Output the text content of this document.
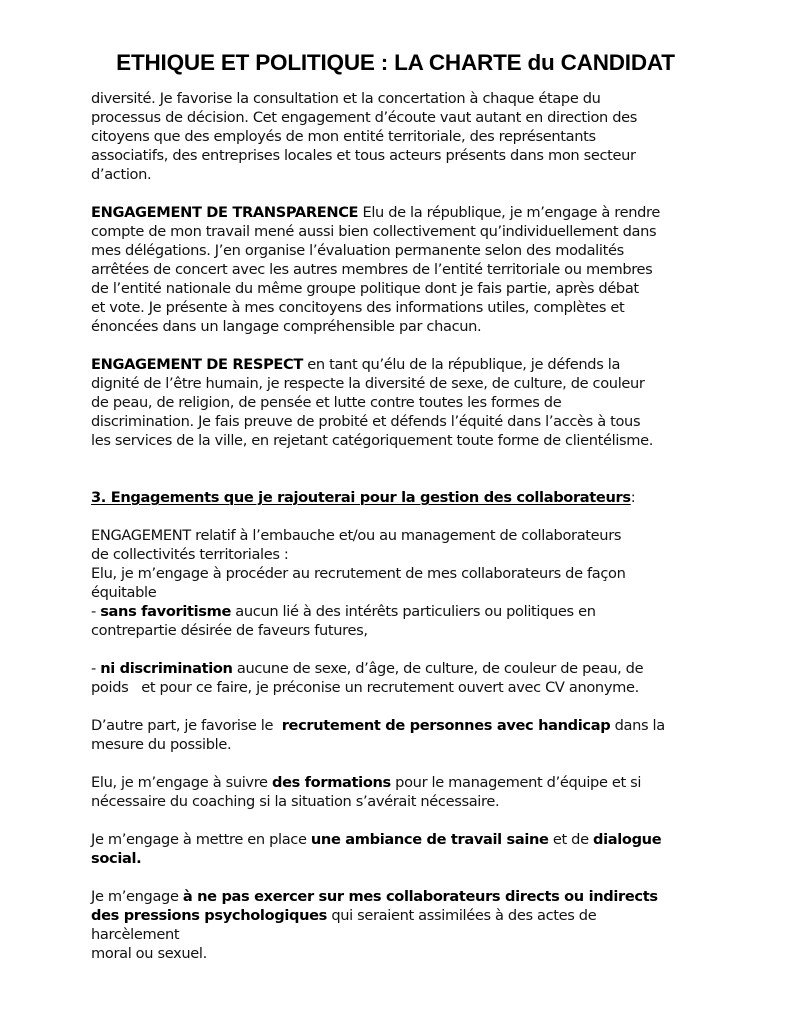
ETHIQUE ET POLITIQUE : LA CHARTE du CANDIDAT
diversité. Je favorise la consultation et la concertation à chaque étape du
processus de décision. Cet engagement d’écoute vaut autant en direction des
citoyens que des employés de mon entité territoriale, des représentants
associatifs, des entreprises locales et tous acteurs présents dans mon secteur
d’action.
ENGAGEMENT DE TRANSPARENCE Elu de la république, je m’engage à rendre
compte de mon travail mené aussi bien collectivement qu’individuellement dans
mes délégations. J’en organise l’évaluation permanente selon des modalités
arrêtées de concert avec les autres membres de l’entité territoriale ou membres
de l’entité nationale du même groupe politique dont je fais partie, après débat
et vote. Je présente à mes concitoyens des informations utiles, complètes et
énoncées dans un langage compréhensible par chacun.
ENGAGEMENT DE RESPECT en tant qu’élu de la république, je défends la
dignité de l’être humain, je respecte la diversité de sexe, de culture, de couleur
de peau, de religion, de pensée et lutte contre toutes les formes de
discrimination. Je fais preuve de probité et défends l’équité dans l’accès à tous
les services de la ville, en rejetant catégoriquement toute forme de clientélisme.
3. Engagements que je rajouterai pour la gestion des collaborateurs:
ENGAGEMENT relatif à l’embauche et/ou au management de collaborateurs
de collectivités territoriales :
Elu, je m’engage à procéder au recrutement de mes collaborateurs de façon
équitable
- sans favoritisme aucun lié à des intérêts particuliers ou politiques en
contrepartie désirée de faveurs futures,
- ni discrimination aucune de sexe, d’âge, de culture, de couleur de peau, de
poids   et pour ce faire, je préconise un recrutement ouvert avec CV anonyme.
D’autre part, je favorise le  recrutement de personnes avec handicap dans la
mesure du possible.
Elu, je m’engage à suivre des formations pour le management d’équipe et si
nécessaire du coaching si la situation s’avérait nécessaire.
Je m’engage à mettre en place une ambiance de travail saine et de dialogue
social.
Je m’engage à ne pas exercer sur mes collaborateurs directs ou indirects
des pressions psychologiques qui seraient assimilées à des actes de
harcèlement
moral ou sexuel.
